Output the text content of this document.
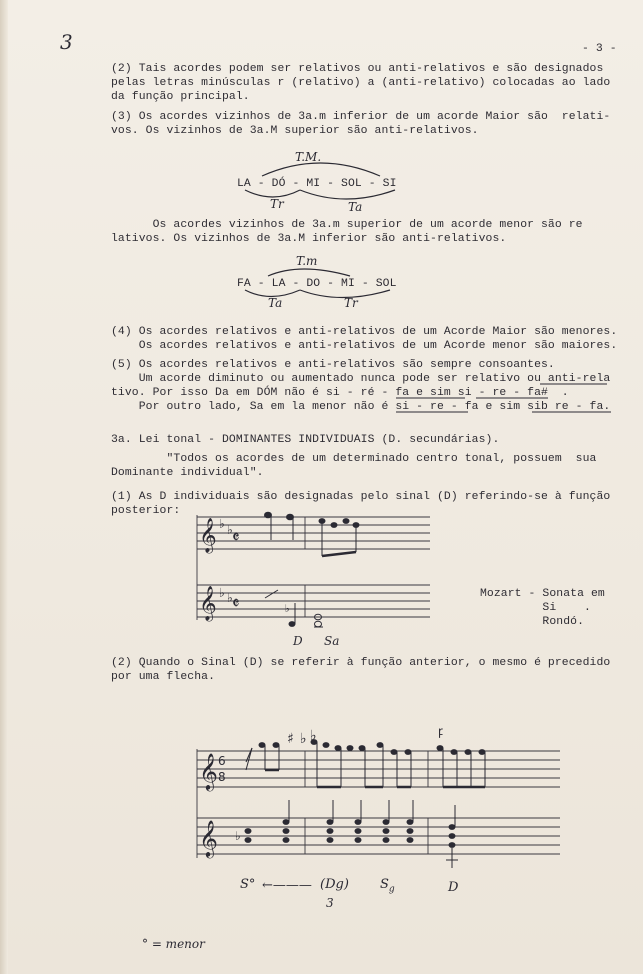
3	- 3 -
(2) Tais acordes podem ser relativos ou anti-relativos e são designados
pelas letras minúsculas r (relativo) a (anti-relativo) colocadas ao lado
da função principal.
(3) Os acordes vizinhos de 3a.m inferior de um acorde Maior são  relati-
vos. Os vizinhos de 3a.M superior são anti-relativos.
T.M.
LA - DÓ - MI - SOL - SI
Tr	Ta
Os acordes vizinhos de 3a.m superior de um acorde menor são re
lativos. Os vizinhos de 3a.M inferior são anti-relativos.
T.m
FA - LA - DO - MI - SOL
Ta	Tr
(4) Os acordes relativos e anti-relativos de um Acorde Maior são menores.
Os acordes relativos e anti-relativos de um Acorde menor são maiores.
(5) Os acordes relativos e anti-relativos são sempre consoantes.
Um acorde diminuto ou aumentado nunca pode ser relativo ou anti-rela
tivo. Por isso Da em DÓM não é si - ré - fa e sim si - re - fa#  .
Por outro lado, Sa em la menor não é si - re - fa e sim sib re - fa.
3a. Lei tonal - DOMINANTES INDIVIDUAIS (D. secundárias).
"Todos os acordes de um determinado centro tonal, possuem  sua
Dominante individual".
(1) As D individuais são designadas pelo sinal (D) referindo-se à função
posterior:
𝄞
𝄞
♭ ♭
𝄵
♭ ♭
𝄵	♭
D Sa
Mozart - Sonata em
Si    .
Rondó.
(2) Quando o Sinal (D) se referir à função anterior, o mesmo é precedido
por uma flecha.
𝄞
𝄞
6
8
♯ ♭ ♭
♭
ꝼ
S° ←——— (Dg)
3
$S_g$	D
° = menor
